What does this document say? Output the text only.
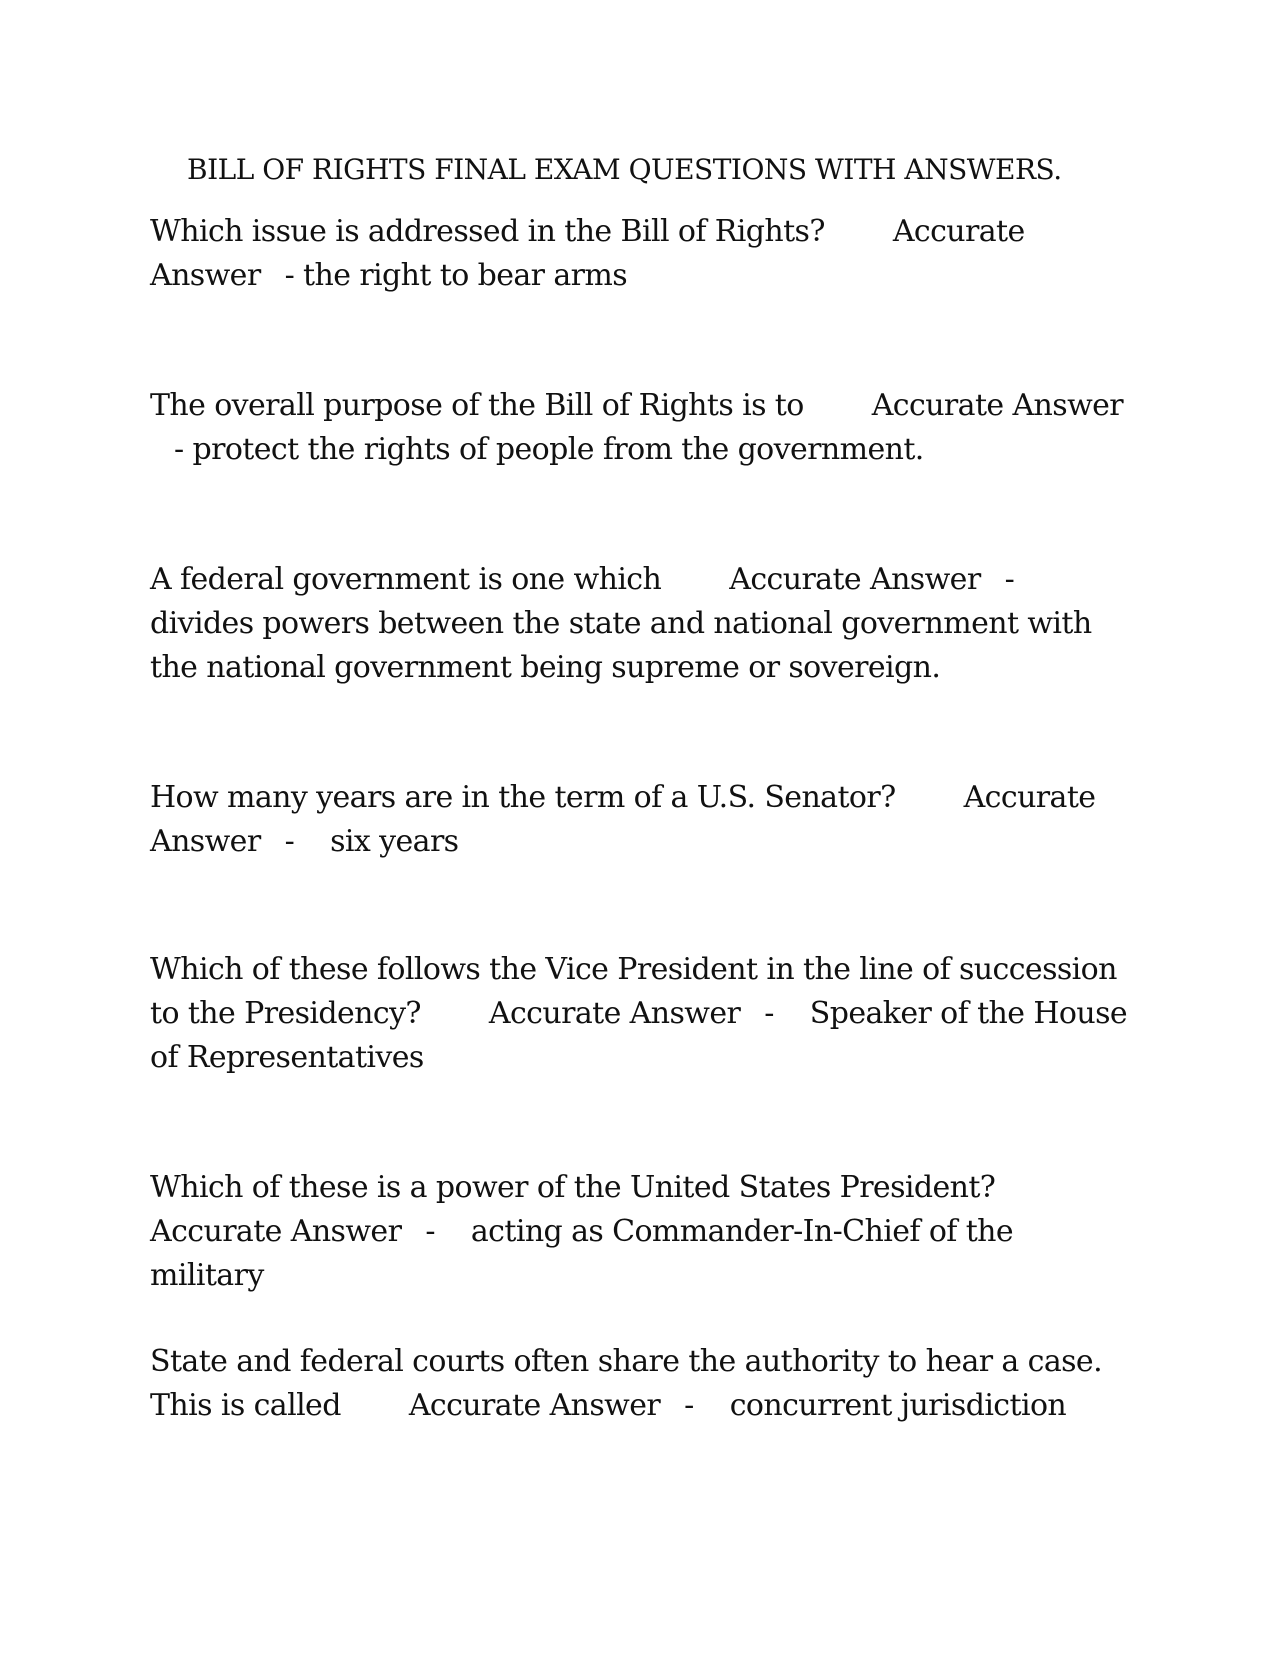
BILL OF RIGHTS FINAL EXAM QUESTIONS WITH ANSWERS.

Which issue is addressed in the Bill of Rights? Accurate Answer - the right to bear arms

The overall purpose of the Bill of Rights is to Accurate Answer- protect the rights of people from the government.

A federal government is one which Accurate Answer -divides powers between the state and national government with the national government being supreme or sovereign.

How many years are in the term of a U.S. Senator? Accurate Answer - six years

Which of these follows the Vice President in the line of succession to the Presidency? Accurate Answer - Speaker of the House of Representatives

Which of these is a power of the United States President?Accurate Answer - acting as Commander-In-Chief of the military

State and federal courts often share the authority to hear a case. This is called Accurate Answer - concurrent jurisdiction
